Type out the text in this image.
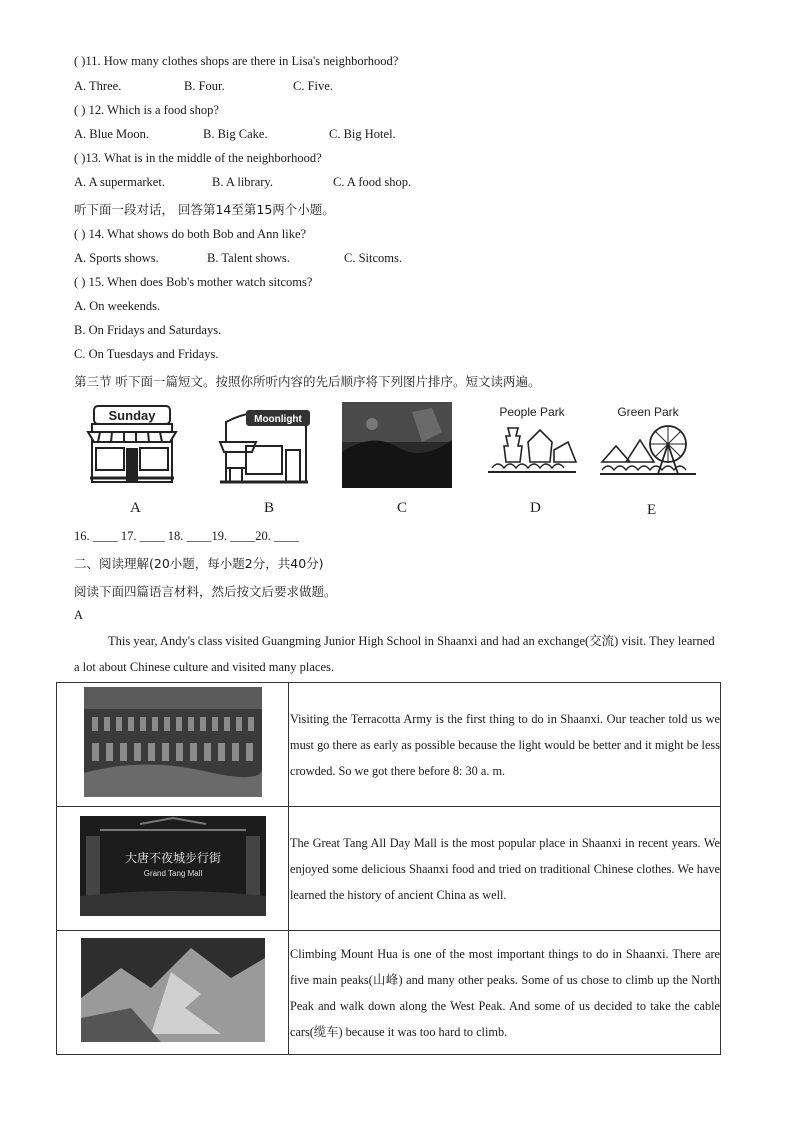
( )11. How many clothes shops are there in Lisa's neighborhood?
A. Three.	B. Four.	C. Five.
( ) 12. Which is a food shop?
A. Blue Moon.	B. Big Cake.	C. Big Hotel.
( )13. What is in the middle of the neighborhood?
A. A supermarket.	B. A library.	C. A food shop.
听下面一段对话， 回答第14至第15两个小题。
( ) 14. What shows do both Bob and Ann like?
A. Sports shows.	B. Talent shows.	C. Sitcoms.
( ) 15. When does Bob's mother watch sitcoms?
A. On weekends.
B. On Fridays and Saturdays.
C. On Tuesdays and Fridays.
第三节 听下面一篇短文。按照你所听内容的先后顺序将下列图片排序。短文读两遍。
Sunday	Moonlight
People Park	Green Park
A	B	C	D	E
16. ____ 17. ____ 18. ____19. ____20. ____
二、阅读理解(20小题，每小题2分，共40分)
阅读下面四篇语言材料，然后按文后要求做题。
A
This year, Andy's class visited Guangming Junior High School in Shaanxi and had an exchange(交流) visit. They learned a lot about Chinese culture and visited many places.
	Visiting the Terracotta Army is the first thing to do in Shaanxi. Our teacher told us we must go there as early as possible because the light would be better and it might be less crowded. So we got there before 8: 30 a. m.

大唐不夜城步行街
Grand Tang Mall	The Great Tang All Day Mall is the most popular place in Shaanxi in recent years. We enjoyed some delicious Shaanxi food and tried on traditional Chinese clothes. We have learned the history of ancient China as well.
	Climbing Mount Hua is one of the most important things to do in Shaanxi. There are five main peaks(山峰) and many other peaks. Some of us chose to climb up the North Peak and walk down along the West Peak. And some of us decided to take the cable cars(缆车) because it was too hard to climb.
